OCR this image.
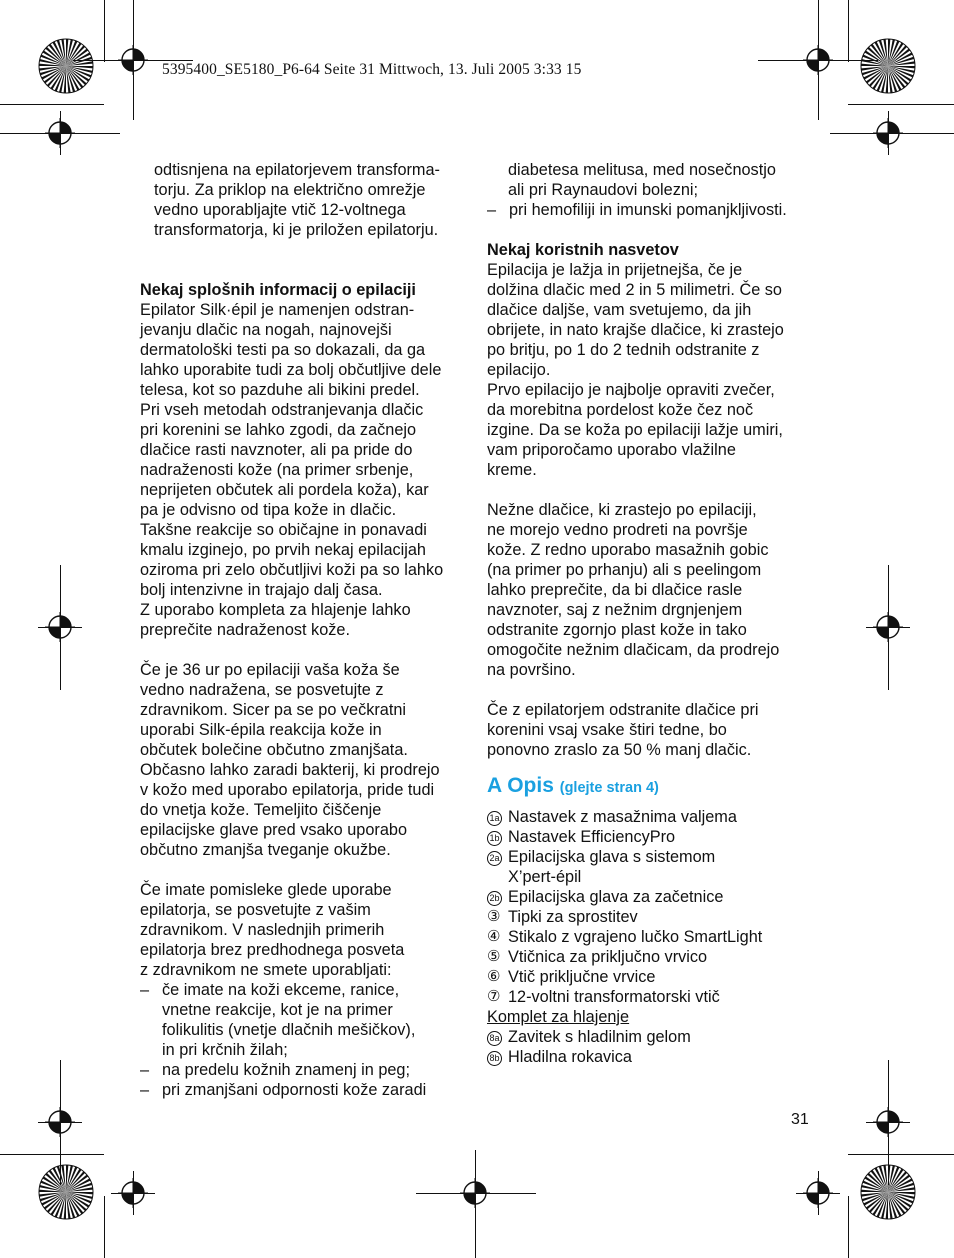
5395400_SE5180_P6-64 Seite 31 Mittwoch, 13. Juli 2005 3:33 15
odtisnjena na epilatorjevem transforma-
torju. Za priklop na električno omrežje
vedno uporabljajte vtič 12-voltnega
transformatorja, ki je priložen epilatorju.

Nekaj splošnih informacij o epilaciji

Epilator Silk·épil je namenjen odstran-
jevanju dlačic na nogah, najnovejši
dermatološki testi pa so dokazali, da ga
lahko uporabite tudi za bolj občutljive dele
telesa, kot so pazduhe ali bikini predel.
Pri vseh metodah odstranjevanja dlačic
pri korenini se lahko zgodi, da začnejo
dlačice rasti navznoter, ali pa pride do
nadraženosti kože (na primer srbenje,
neprijeten občutek ali pordela koža), kar
pa je odvisno od tipa kože in dlačic.
Takšne reakcije so običajne in ponavadi
kmalu izginejo, po prvih nekaj epilacijah
oziroma pri zelo občutljivi koži pa so lahko
bolj intenzivne in trajajo dalj časa.
Z uporabo kompleta za hlajenje lahko
preprečite nadraženost kože.
Če je 36 ur po epilaciji vaša koža še
vedno nadražena, se posvetujte z
zdravnikom. Sicer pa se po večkratni
uporabi Silk-épila reakcija kože in
občutek bolečine občutno zmanjšata.
Občasno lahko zaradi bakterij, ki prodrejo
v kožo med uporabo epilatorja, pride tudi
do vnetja kože. Temeljito čiščenje
epilacijske glave pred vsako uporabo
občutno zmanjša tveganje okužbe.
Če imate pomisleke glede uporabe
epilatorja, se posvetujte z vašim
zdravnikom. V naslednjih primerih
epilatorja brez predhodnega posveta
z zdravnikom ne smete uporabljati:
– če imate na koži ekceme, ranice,
vnetne reakcije, kot je na primer
folikulitis (vnetje dlačnih mešičkov),
in pri krčnih žilah;
– na predelu kožnih znamenj in peg;
– pri zmanjšani odpornosti kože zaradi
diabetesa melitusa, med nosečnostjo
ali pri Raynaudovi bolezni;
– pri hemofiliji in imunski pomanjkljivosti.

Nekaj koristnih nasvetov

Epilacija je lažja in prijetnejša, če je
dolžina dlačic med 2 in 5 milimetri. Če so
dlačice daljše, vam svetujemo, da jih
obrijete, in nato krajše dlačice, ki zrastejo
po britju, po 1 do 2 tednih odstranite z
epilacijo.
Prvo epilacijo je najbolje opraviti zvečer,
da morebitna pordelost kože čez noč
izgine. Da se koža po epilaciji lažje umiri,
vam priporočamo uporabo vlažilne
kreme.
Nežne dlačice, ki zrastejo po epilaciji,
ne morejo vedno prodreti na površje
kože. Z redno uporabo masažnih gobic
(na primer po prhanju) ali s peelingom
lahko preprečite, da bi dlačice rasle
navznoter, saj z nežnim drgnjenjem
odstranite zgornjo plast kože in tako
omogočite nežnim dlačicam, da prodrejo
na površino.
Če z epilatorjem odstranite dlačice pri
korenini vsaj vsake štiri tedne, bo
ponovno zraslo za 50 % manj dlačic.

A Opis (glejte stran 4)

1a Nastavek z masažnima valjema
1b Nastavek EfficiencyPro
2a Epilacijska glava s sistemom
X’pert-épil
2b Epilacijska glava za začetnice
③ Tipki za sprostitev
④ Stikalo z vgrajeno lučko SmartLight
⑤ Vtičnica za priključno vrvico
⑥ Vtič priključne vrvice
⑦ 12-voltni transformatorski vtič
Komplet za hlajenje
8a Zavitek s hladilnim gelom
8b Hladilna rokavica
31
